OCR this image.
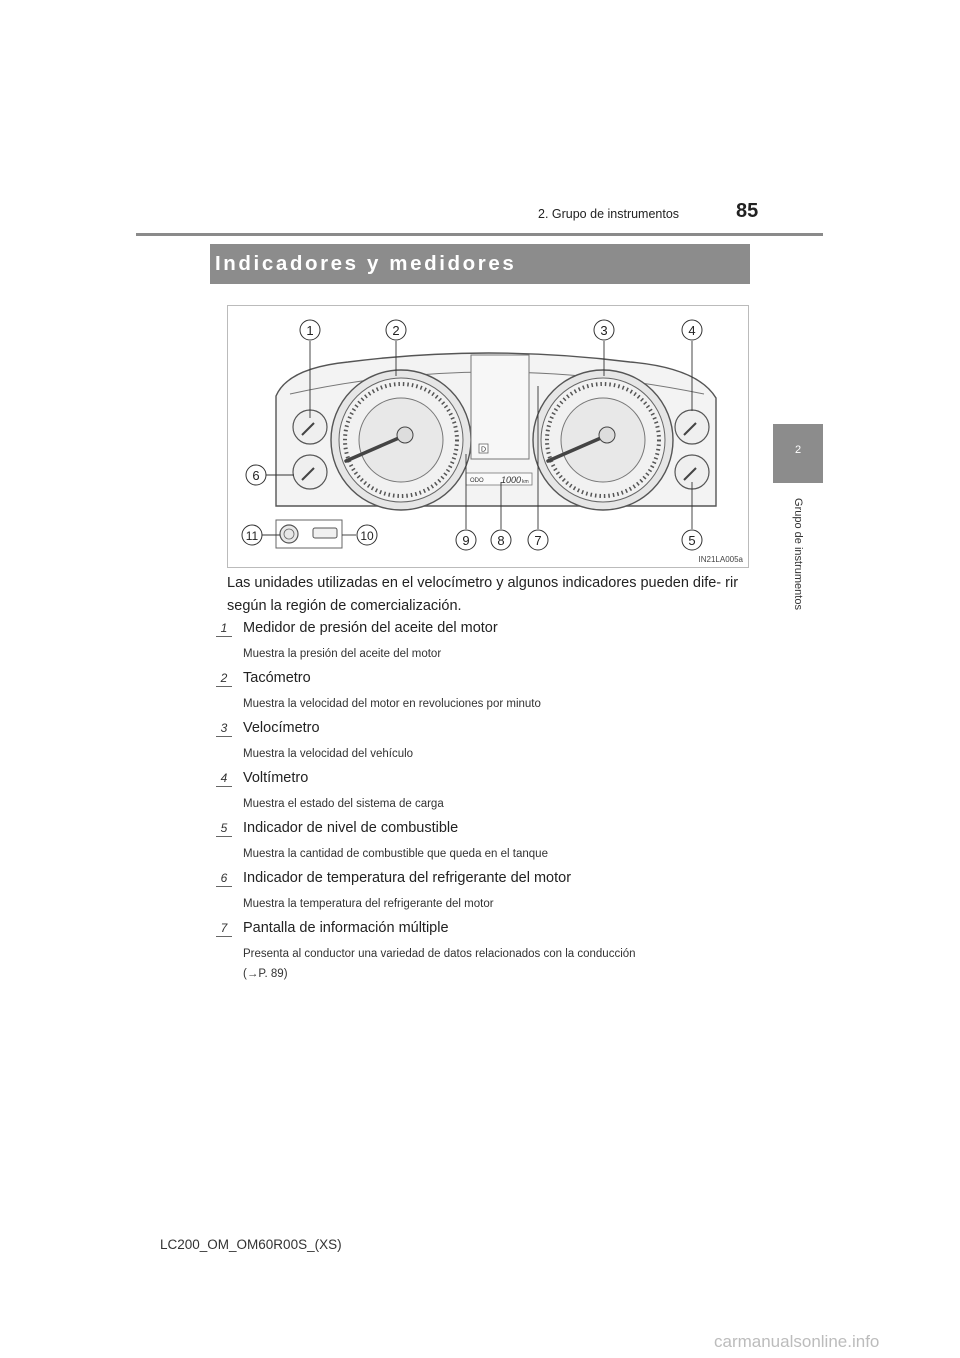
2. Grupo de instrumentos	85
2
Grupo de instrumentos
Indicadores y medidores
D
ODO 1000 km
1	2	3	4
5
6
7
8
9
10
11
IN21LA005a
Las unidades utilizadas en el velocímetro y algunos indicadores pueden dife- rir según la región de comercialización.
1	Medidor de presión del aceite del motor
Muestra la presión del aceite del motor
2	Tacómetro
Muestra la velocidad del motor en revoluciones por minuto
3	Velocímetro
Muestra la velocidad del vehículo
4	Voltímetro
Muestra el estado del sistema de carga
5	Indicador de nivel de combustible
Muestra la cantidad de combustible que queda en el tanque
6	Indicador de temperatura del refrigerante del motor
Muestra la temperatura del refrigerante del motor
7	Pantalla de información múltiple
Presenta al conductor una variedad de datos relacionados con la conducción
(→P. 89)
LC200_OM_OM60R00S_(XS)
carmanualsonline.info
